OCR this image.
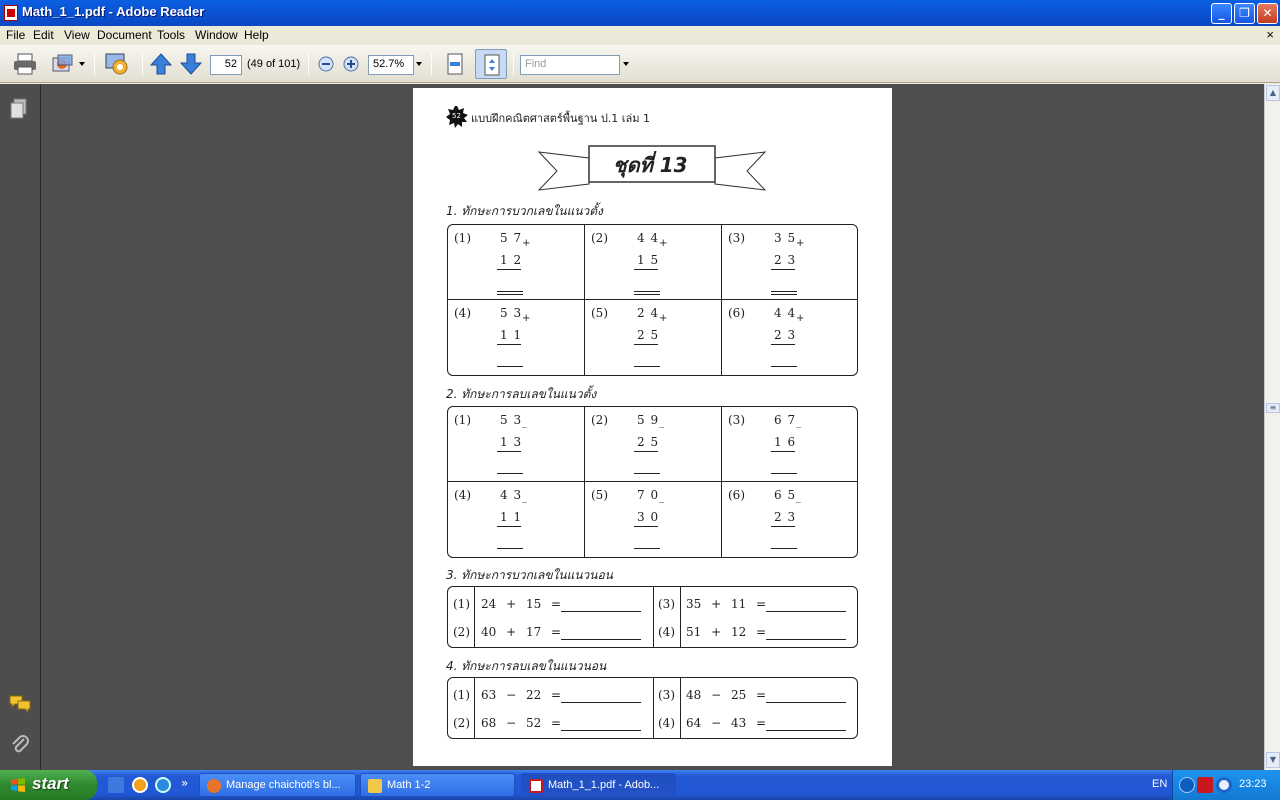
Math_1_1.pdf - Adobe Reader	_	❐	✕
File Edit View Document Tools Window Help	×
52 (49 of 101)	52.7%	Find
▲
≡
▼
52 แบบฝึกคณิตศาสตร์พื้นฐาน ป.1 เล่ม 1
ชุดที่ 13
1. ทักษะการบวกเลขในแนวตั้ง
(1) 5 7 +
1 2
(2) 4 4 +
1 5
(3) 3 5 +
2 3
(4) 5 3 +
1 1
(5) 2 4 +
2 5
(6) 4 4 +
2 3
2. ทักษะการลบเลขในแนวตั้ง
(1) 5 3 _
1 3
(2) 5 9 _
2 5
(3) 6 7 _
1 6
(4) 4 3 _
1 1
(5) 7 0 _
3 0
(6) 6 5 _
2 3
3. ทักษะการบวกเลขในแนวนอน
(1) 24 + 15 =	(3) 35 + 11 =
(2) 40 + 17 =	(4) 51 + 12 =
4. ทักษะการลบเลขในแนวนอน
(1) 63 − 22 =	(3) 48 − 25 =
(2) 68 − 52 =	(4) 64 − 43 =
start	»	Manage chaichoti's bl...	Math 1-2	Math_1_1.pdf - Adob...	EN	23:23
